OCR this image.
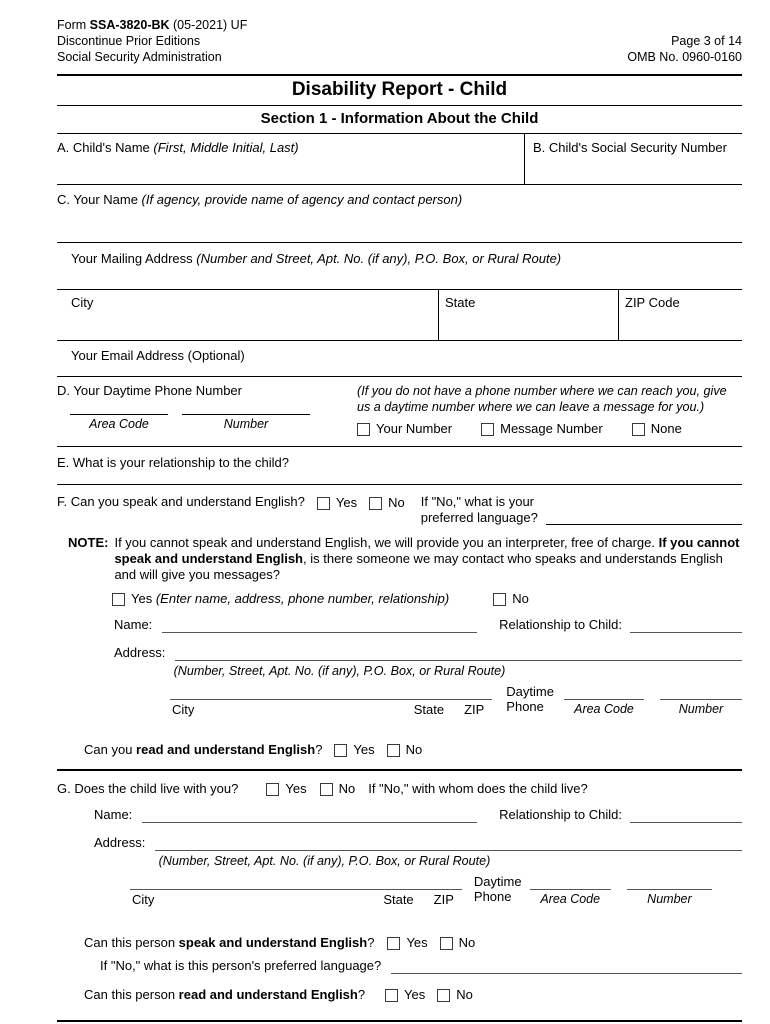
Form SSA-3820-BK (05-2021) UF
Discontinue Prior Editions
Social Security Administration
Page 3 of 14
OMB No. 0960-0160
Disability Report - Child
Section 1 - Information About the Child
A. Child's Name (First, Middle Initial, Last)	B. Child's Social Security Number
C. Your Name (If agency, provide name of agency and contact person)
Your Mailing Address (Number and Street, Apt. No. (if any), P.O. Box, or Rural Route)
City	State	ZIP Code
Your Email Address (Optional)
D. Your Daytime Phone Number
Area Code	Number
(If you do not have a phone number where we can reach you, give us a daytime number where we can leave a message for you.)
Your Number	Message Number	None
E. What is your relationship to the child?
F. Can you speak and understand English? Yes No If "No," what is your
preferred language?
NOTE: If you cannot speak and understand English, we will provide you an interpreter, free of charge. If you cannot speak and understand English, is there someone we may contact who speaks and understands English and will give you messages?
Yes
(Enter name, address, phone number, relationship)	No
Name:	Relationship to Child:
Address:
(Number, Street, Apt. No. (if any), P.O. Box, or Rural Route)
City	State ZIP
Daytime
Phone	Area Code	Number
Can you read and understand English? Yes No
G. Does the child live with you?	Yes No If "No," with whom does the child live?
Name:	Relationship to Child:
Address:
(Number, Street, Apt. No. (if any), P.O. Box, or Rural Route)
City	State ZIP
Daytime
Phone	Area Code	Number
Can this person speak and understand English? Yes No
If "No," what is this person's preferred language?
Can this person read and understand English?	Yes No
